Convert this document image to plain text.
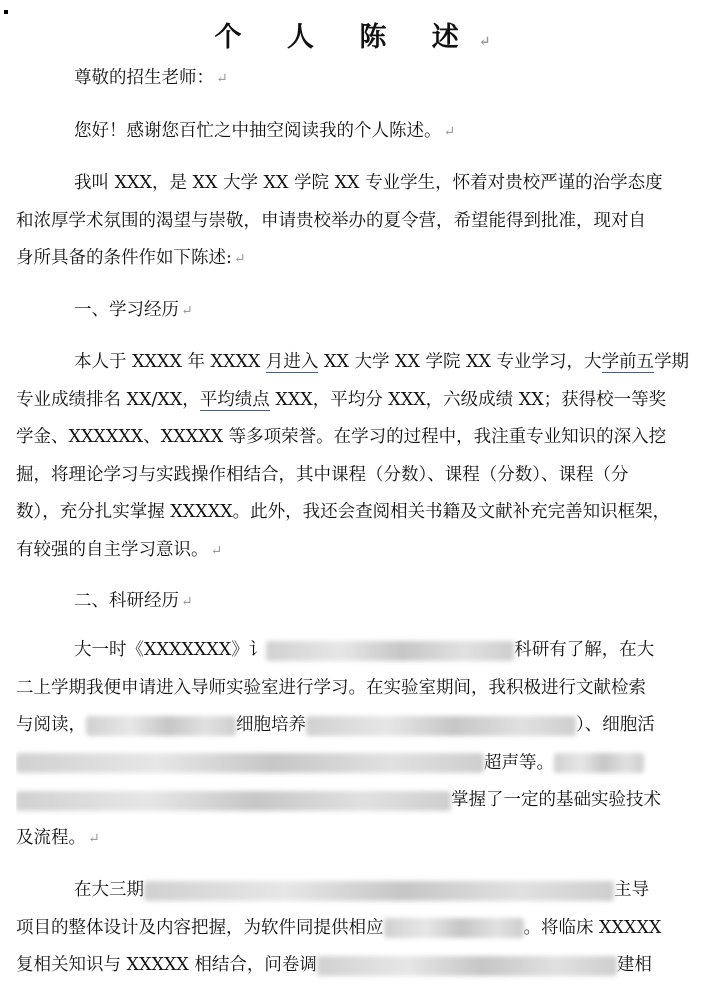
个 人 陈 述 ↵
尊敬的招生老师： ↵
您好！感谢您百忙之中抽空阅读我的个人陈述。 ↵
我叫 XXX，是 XX 大学 XX 学院 XX 专业学生，怀着对贵校严谨的治学态度
和浓厚学术氛围的渴望与崇敬，申请贵校举办的夏令营，希望能得到批准，现对自
身所具备的条件作如下陈述: ↵
一、学习经历 ↵
本人于 XXXX 年 XXXX 月进入 XX 大学 XX 学院 XX 专业学习，大学前五学期
专业成绩排名 XX/XX，平均绩点 XXX，平均分 XXX，六级成绩 XX；获得校一等奖
学金、XXXXXX、XXXXX 等多项荣誉。在学习的过程中，我注重专业知识的深入挖
掘，将理论学习与实践操作相结合，其中课程（分数）、课程（分数）、课程（分
数），充分扎实掌握 XXXXX。此外，我还会查阅相关书籍及文献补充完善知识框架，
有较强的自主学习意识。 ↵
二、科研经历 ↵
大一时《XXXXXXX》讠	科研有了解，在大
二上学期我便申请进入导师实验室进行学习。在实验室期间，我积极进行文献检索
与阅读，	细胞培养	）、细胞活
超声等。
掌握了一定的基础实验技术
及流程。 ↵
在大三期	主导
项目的整体设计及内容把握，为软件同提供相应	。将临床 XXXXX
复相关知识与 XXXXX 相结合，问卷调	建相
